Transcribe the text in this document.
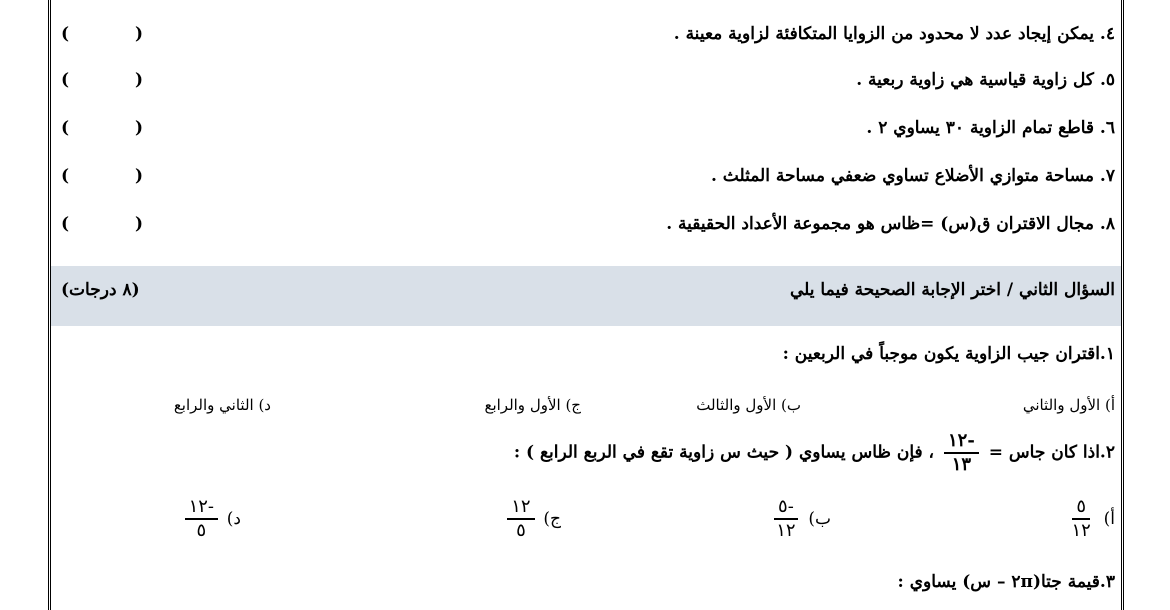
٤. يمكن إيجاد عدد لا محدود من الزوايا المتكافئة لزاوية معينة .
( )
٥. كل زاوية قياسية هي زاوية ربعية .
( )
٦. قاطع تمام الزاوية ٣٠ يساوي ٢ .
( )
٧. مساحة متوازي الأضلاع تساوي ضعفي مساحة المثلث .
( )
٨. مجال الاقتران ق(س) =ظاس هو مجموعة الأعداد الحقيقية .
( )
السؤال الثاني / اختر الإجابة الصحيحة فيما يلي
(٨ درجات)
١.اقتران جيب الزاوية يكون موجباً في الربعين :
أ) الأول والثاني
ب) الأول والثالث
ج) الأول والرابع
د) الثاني والرابع
٢.اذا كان جاس =
$\frac{-١٢}{١٣}$
، فإن ظاس يساوي ( حيث س زاوية تقع في الربع الرابع ) :
أ)
$\frac{٥}{١٢}$
ب)
$\frac{-٥}{١٢}$
ج)
$\frac{١٢}{٥}$
د)
$\frac{-١٢}{٥}$
٣.قيمة جتا(٢π – س) يساوي :
